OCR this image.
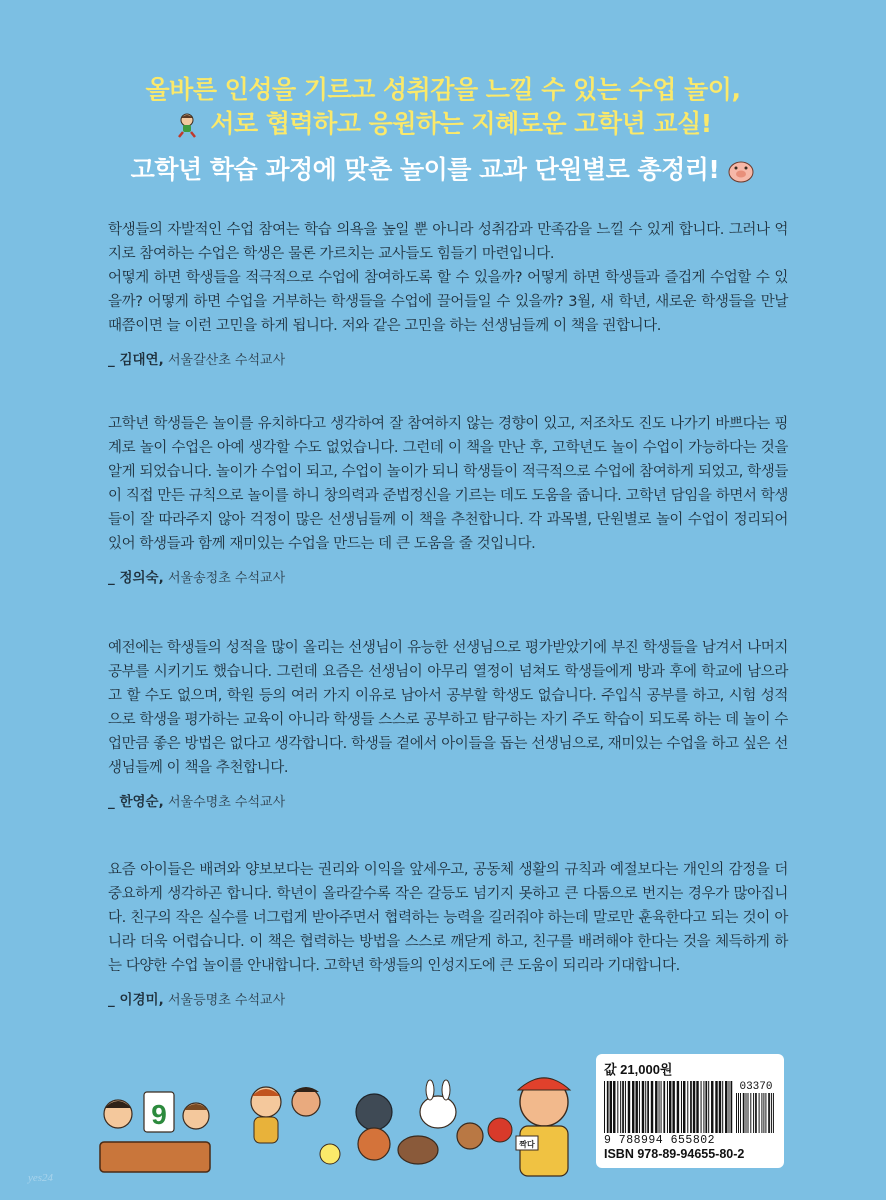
올바른 인성을 기르고 성취감을 느낄 수 있는 수업 놀이,
서로 협력하고 응원하는 지혜로운 고학년 교실!
고학년 학습 과정에 맞춘 놀이를 교과 단원별로 총정리!

학생들의 자발적인 수업 참여는 학습 의욕을 높일 뿐 아니라 성취감과 만족감을 느낄 수 있게 합니다. 그러나 억지로 참여하는 수업은 학생은 물론 가르치는 교사들도 힘들기 마련입니다.

어떻게 하면 학생들을 적극적으로 수업에 참여하도록 할 수 있을까? 어떻게 하면 학생들과 즐겁게 수업할 수 있을까? 어떻게 하면 수업을 거부하는 학생들을 수업에 끌어들일 수 있을까? 3월, 새 학년, 새로운 학생들을 만날 때쯤이면 늘 이런 고민을 하게 됩니다. 저와 같은 고민을 하는 선생님들께 이 책을 권합니다.

_ 김대연, 서울갈산초 수석교사

고학년 학생들은 놀이를 유치하다고 생각하여 잘 참여하지 않는 경향이 있고, 저조차도 진도 나가기 바쁘다는 핑계로 놀이 수업은 아예 생각할 수도 없었습니다. 그런데 이 책을 만난 후, 고학년도 놀이 수업이 가능하다는 것을 알게 되었습니다. 놀이가 수업이 되고, 수업이 놀이가 되니 학생들이 적극적으로 수업에 참여하게 되었고, 학생들이 직접 만든 규칙으로 놀이를 하니 창의력과 준법정신을 기르는 데도 도움을 줍니다. 고학년 담임을 하면서 학생들이 잘 따라주지 않아 걱정이 많은 선생님들께 이 책을 추천합니다. 각 과목별, 단원별로 놀이 수업이 정리되어 있어 학생들과 함께 재미있는 수업을 만드는 데 큰 도움을 줄 것입니다.

_ 정의숙, 서울송정초 수석교사

예전에는 학생들의 성적을 많이 올리는 선생님이 유능한 선생님으로 평가받았기에 부진 학생들을 남겨서 나머지 공부를 시키기도 했습니다. 그런데 요즘은 선생님이 아무리 열정이 넘쳐도 학생들에게 방과 후에 학교에 남으라고 할 수도 없으며, 학원 등의 여러 가지 이유로 남아서 공부할 학생도 없습니다. 주입식 공부를 하고, 시험 성적으로 학생을 평가하는 교육이 아니라 학생들 스스로 공부하고 탐구하는 자기 주도 학습이 되도록 하는 데 놀이 수업만큼 좋은 방법은 없다고 생각합니다. 학생들 곁에서 아이들을 돕는 선생님으로, 재미있는 수업을 하고 싶은 선생님들께 이 책을 추천합니다.

_ 한영순, 서울수명초 수석교사

요즘 아이들은 배려와 양보보다는 권리와 이익을 앞세우고, 공동체 생활의 규칙과 예절보다는 개인의 감정을 더 중요하게 생각하곤 합니다. 학년이 올라갈수록 작은 갈등도 넘기지 못하고 큰 다툼으로 번지는 경우가 많아집니다. 친구의 작은 실수를 너그럽게 받아주면서 협력하는 능력을 길러줘야 하는데 말로만 훈육한다고 되는 것이 아니라 더욱 어렵습니다. 이 책은 협력하는 방법을 스스로 깨닫게 하고, 친구를 배려해야 한다는 것을 체득하게 하는 다양한 수업 놀이를 안내합니다. 고학년 학생들의 인성지도에 큰 도움이 되리라 기대합니다.

_ 이경미, 서울등명초 수석교사
9
짝다
값 21,000원
03370
9 788994 655802
ISBN 978-89-94655-80-2
yes24
